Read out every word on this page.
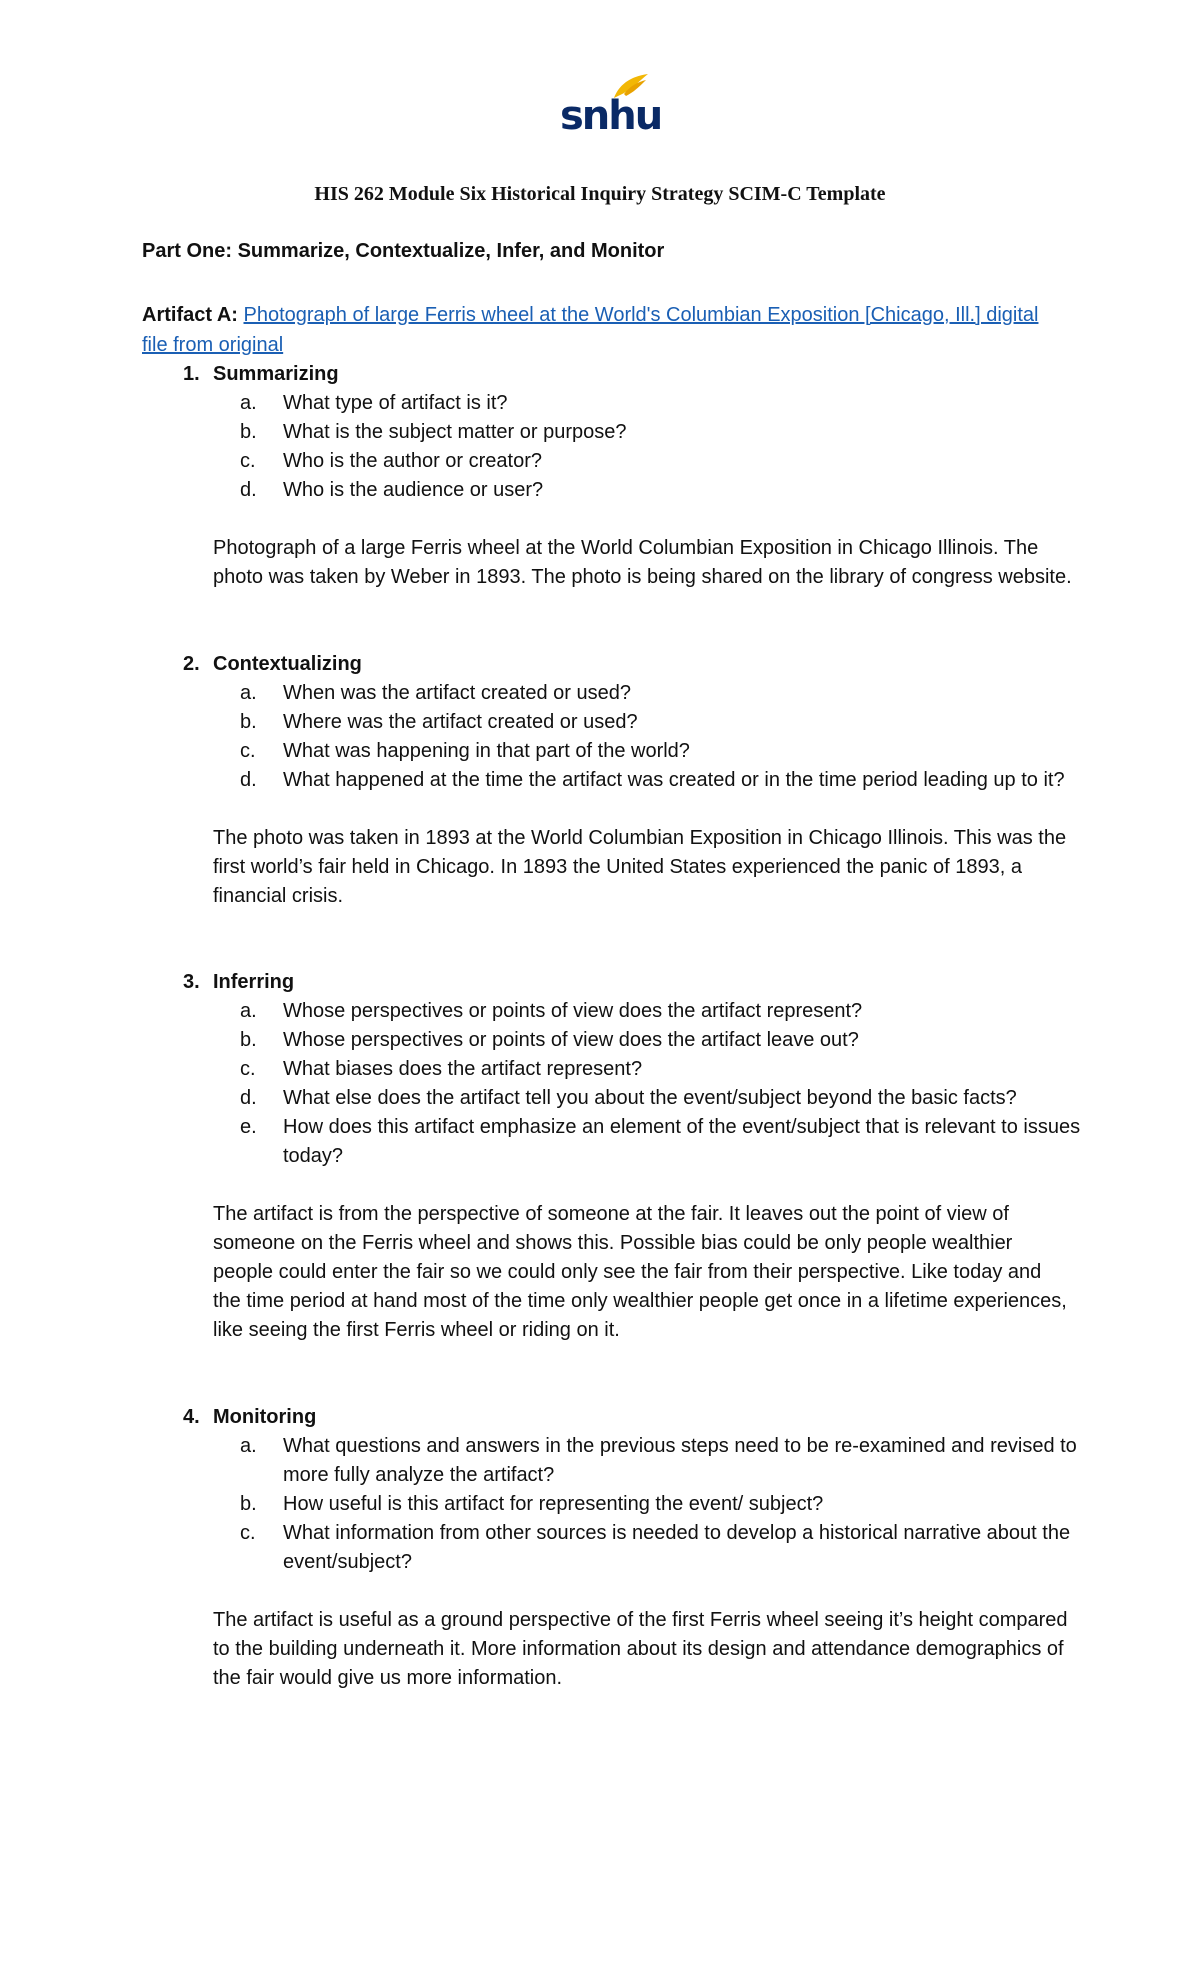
snhu
HIS 262 Module Six Historical Inquiry Strategy SCIM-C Template
Part One: Summarize, Contextualize, Infer, and Monitor
Artifact A: Photograph of large Ferris wheel at the World's Columbian Exposition [Chicago, Ill.] digital file from original
1. Summarizing
a.	What type of artifact is it?
b.	What is the subject matter or purpose?
c.	Who is the author or creator?
d.	Who is the audience or user?
Photograph of a large Ferris wheel at the World Columbian Exposition in Chicago Illinois. The photo was taken by Weber in 1893. The photo is being shared on the library of congress website.
2. Contextualizing
a.	When was the artifact created or used?
b.	Where was the artifact created or used?
c.	What was happening in that part of the world?
d.	What happened at the time the artifact was created or in the time period leading up to it?
The photo was taken in 1893 at the World Columbian Exposition in Chicago Illinois. This was the first world’s fair held in Chicago. In 1893 the United States experienced the panic of 1893, a financial crisis.
3. Inferring
a.	Whose perspectives or points of view does the artifact represent?
b.	Whose perspectives or points of view does the artifact leave out?
c.	What biases does the artifact represent?
d.	What else does the artifact tell you about the event/subject beyond the basic facts?
e.	How does this artifact emphasize an element of the event/subject that is relevant to issues today?
The artifact is from the perspective of someone at the fair. It leaves out the point of view of someone on the Ferris wheel and shows this. Possible bias could be only people wealthier people could enter the fair so we could only see the fair from their perspective. Like today and the time period at hand most of the time only wealthier people get once in a lifetime experiences, like seeing the first Ferris wheel or riding on it.
4. Monitoring
a.	What questions and answers in the previous steps need to be re-examined and revised to more fully analyze the artifact?
b.	How useful is this artifact for representing the event/ subject?
c.	What information from other sources is needed to develop a historical narrative about the event/subject?
The artifact is useful as a ground perspective of the first Ferris wheel seeing it’s height compared to the building underneath it. More information about its design and attendance demographics of the fair would give us more information.
